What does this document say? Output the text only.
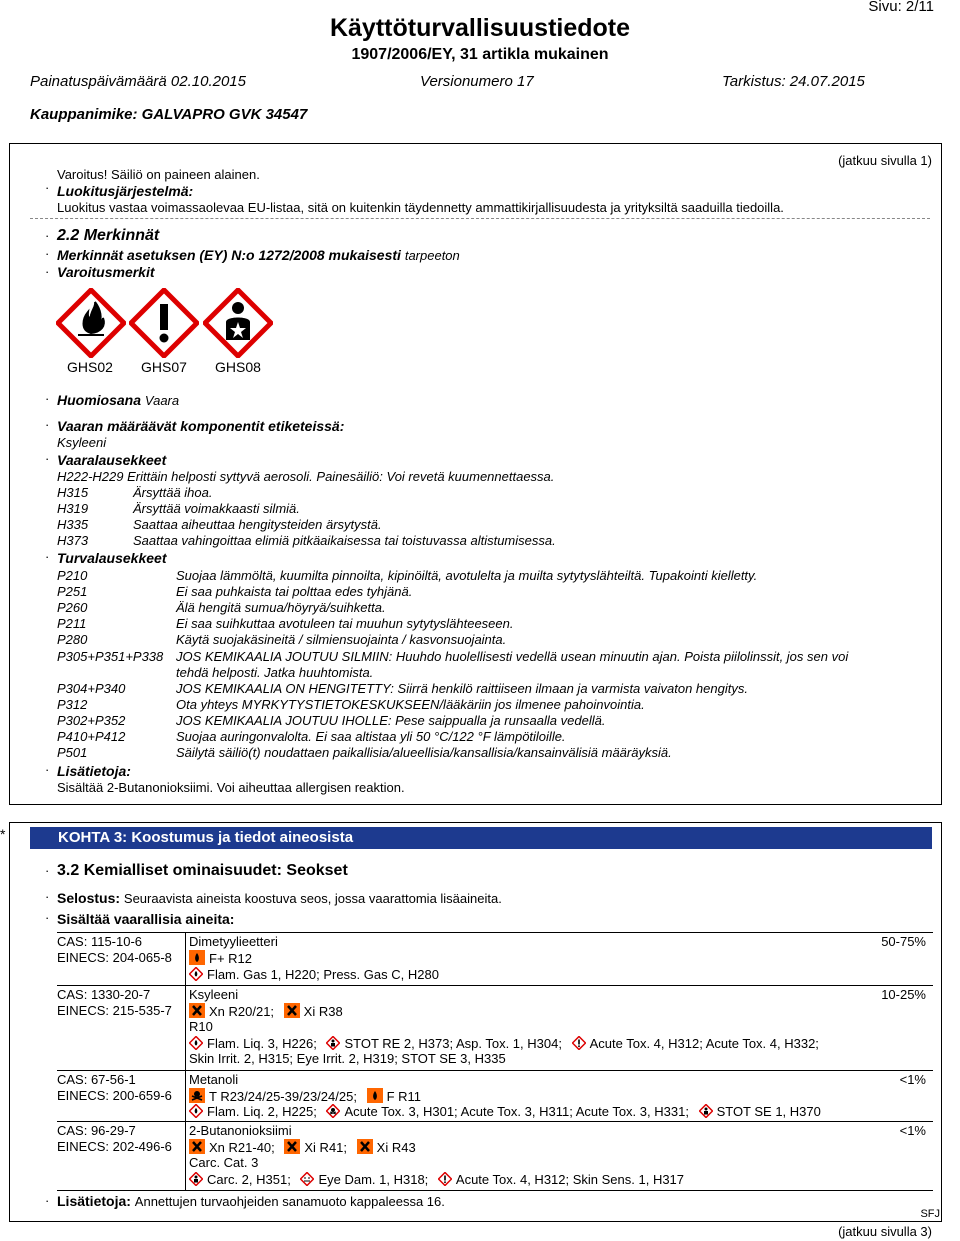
Sivu: 2/11
Käyttöturvallisuustiedote
1907/2006/EY, 31 artikla mukainen
Painatuspäivämäärä 02.10.2015	Versionumero 17	Tarkistus: 24.07.2015
Kauppanimike: GALVAPRO GVK 34547
(jatkuu sivulla 1)
Varoitus! Säiliö on paineen alainen.
· Luokitusjärjestelmä:
Luokitus vastaa voimassaolevaa EU-listaa, sitä on kuitenkin täydennetty ammattikirjallisuudesta ja yrityksiltä saaduilla tiedoilla.
· 2.2 Merkinnät
· Merkinnät asetuksen (EY) N:o 1272/2008 mukaisesti tarpeeton
· Varoitusmerkit
GHS02 GHS07 GHS08
· Huomiosana Vaara
· Vaaran määräävät komponentit etiketeissä:
Ksyleeni
· Vaaralausekkeet
H222-H229 Erittäin helposti syttyvä aerosoli. Painesäiliö: Voi revetä kuumennettaessa.
H315	Ärsyttää ihoa.
H319	Ärsyttää voimakkaasti silmiä.
H335	Saattaa aiheuttaa hengitysteiden ärsytystä.
H373	Saattaa vahingoittaa elimiä pitkäaikaisessa tai toistuvassa altistumisessa.
· Turvalausekkeet
P210	Suojaa lämmöltä, kuumilta pinnoilta, kipinöiltä, avotulelta ja muilta sytytyslähteiltä. Tupakointi kielletty.
P251	Ei saa puhkaista tai polttaa edes tyhjänä.
P260	Älä hengitä sumua/höyryä/suihketta.
P211	Ei saa suihkuttaa avotuleen tai muuhun sytytyslähteeseen.
P280	Käytä suojakäsineitä / silmiensuojainta / kasvonsuojainta.
P305+P351+P338 JOS KEMIKAALIA JOUTUU SILMIIN: Huuhdo huolellisesti vedellä usean minuutin ajan. Poista piilolinssit, jos sen voi
tehdä helposti. Jatka huuhtomista.
P304+P340	JOS KEMIKAALIA ON HENGITETTY: Siirrä henkilö raittiiseen ilmaan ja varmista vaivaton hengitys.
P312	Ota yhteys MYRKYTYSTIETOKESKUKSEEN/lääkäriin jos ilmenee pahoinvointia.
P302+P352	JOS KEMIKAALIA JOUTUU IHOLLE: Pese saippualla ja runsaalla vedellä.
P410+P412	Suojaa auringonvalolta. Ei saa altistaa yli 50 °C/122 °F lämpötiloille.
P501	Säilytä säiliö(t) noudattaen paikallisia/alueellisia/kansallisia/kansainvälisiä määräyksiä.
· Lisätietoja:
Sisältää 2-Butanonioksiimi. Voi aiheuttaa allergisen reaktion.
*	KOHTA 3: Koostumus ja tiedot aineosista
· 3.2 Kemialliset ominaisuudet: Seokset
· Selostus: Seuraavista aineista koostuva seos, jossa vaarattomia lisäaineita.
· Sisältää vaarallisia aineita:
CAS: 115-10-6
EINECS: 204-065-8
Dimetyylieetteri	50-75%
F+ R12
Flam. Gas 1, H220; Press. Gas C, H280
CAS: 1330-20-7
EINECS: 215-535-7
Ksyleeni	10-25%
Xn R20/21; Xi R38
R10
Flam. Liq. 3, H226; STOT RE 2, H373; Asp. Tox. 1, H304; Acute Tox. 4, H312; Acute Tox. 4, H332;
Skin Irrit. 2, H315; Eye Irrit. 2, H319; STOT SE 3, H335
CAS: 67-56-1
EINECS: 200-659-6
Metanoli	<1%
T R23/24/25-39/23/24/25; F R11
Flam. Liq. 2, H225; Acute Tox. 3, H301; Acute Tox. 3, H311; Acute Tox. 3, H331; STOT SE 1, H370
CAS: 96-29-7
EINECS: 202-496-6
2-Butanonioksiimi	<1%
Xn R21-40; Xi R41; Xi R43
Carc. Cat. 3
Carc. 2, H351; Eye Dam. 1, H318; Acute Tox. 4, H312; Skin Sens. 1, H317
· Lisätietoja: Annettujen turvaohjeiden sanamuoto kappaleessa 16.
SFJ
(jatkuu sivulla 3)
